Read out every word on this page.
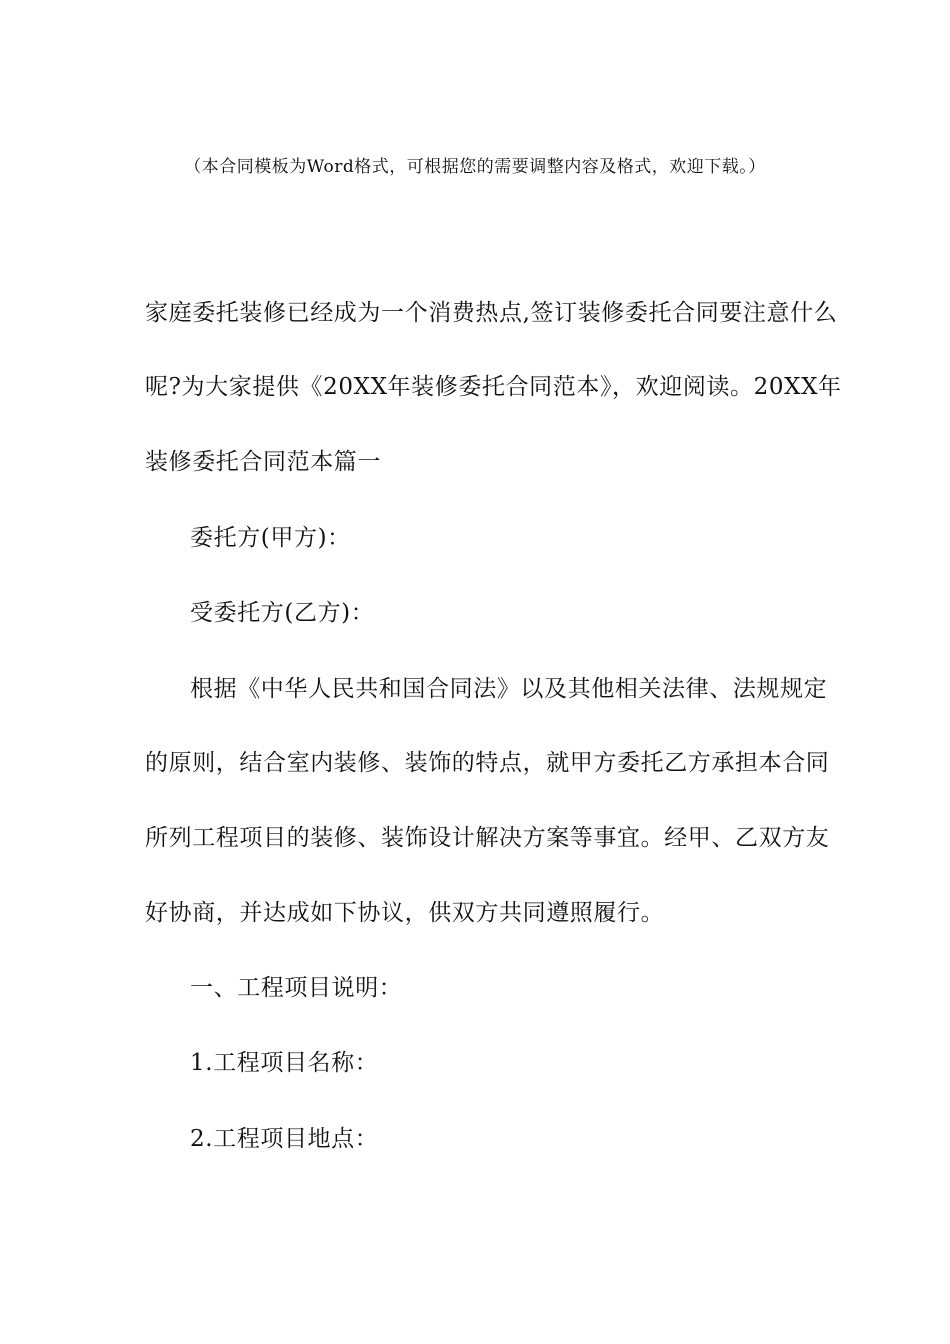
（本合同模板为Word格式，可根据您的需要调整内容及格式，欢迎下载。）
家庭委托装修已经成为一个消费热点,签订装修委托合同要注意什么
呢?为大家提供《20XX年装修委托合同范本》，欢迎阅读。20XX年
装修委托合同范本篇一
委托方(甲方)：
受委托方(乙方)：
根据《中华人民共和国合同法》以及其他相关法律、法规规定
的原则，结合室内装修、装饰的特点，就甲方委托乙方承担本合同
所列工程项目的装修、装饰设计解决方案等事宜。经甲、乙双方友
好协商，并达成如下协议，供双方共同遵照履行。
一、工程项目说明：
1.工程项目名称：
2.工程项目地点：
